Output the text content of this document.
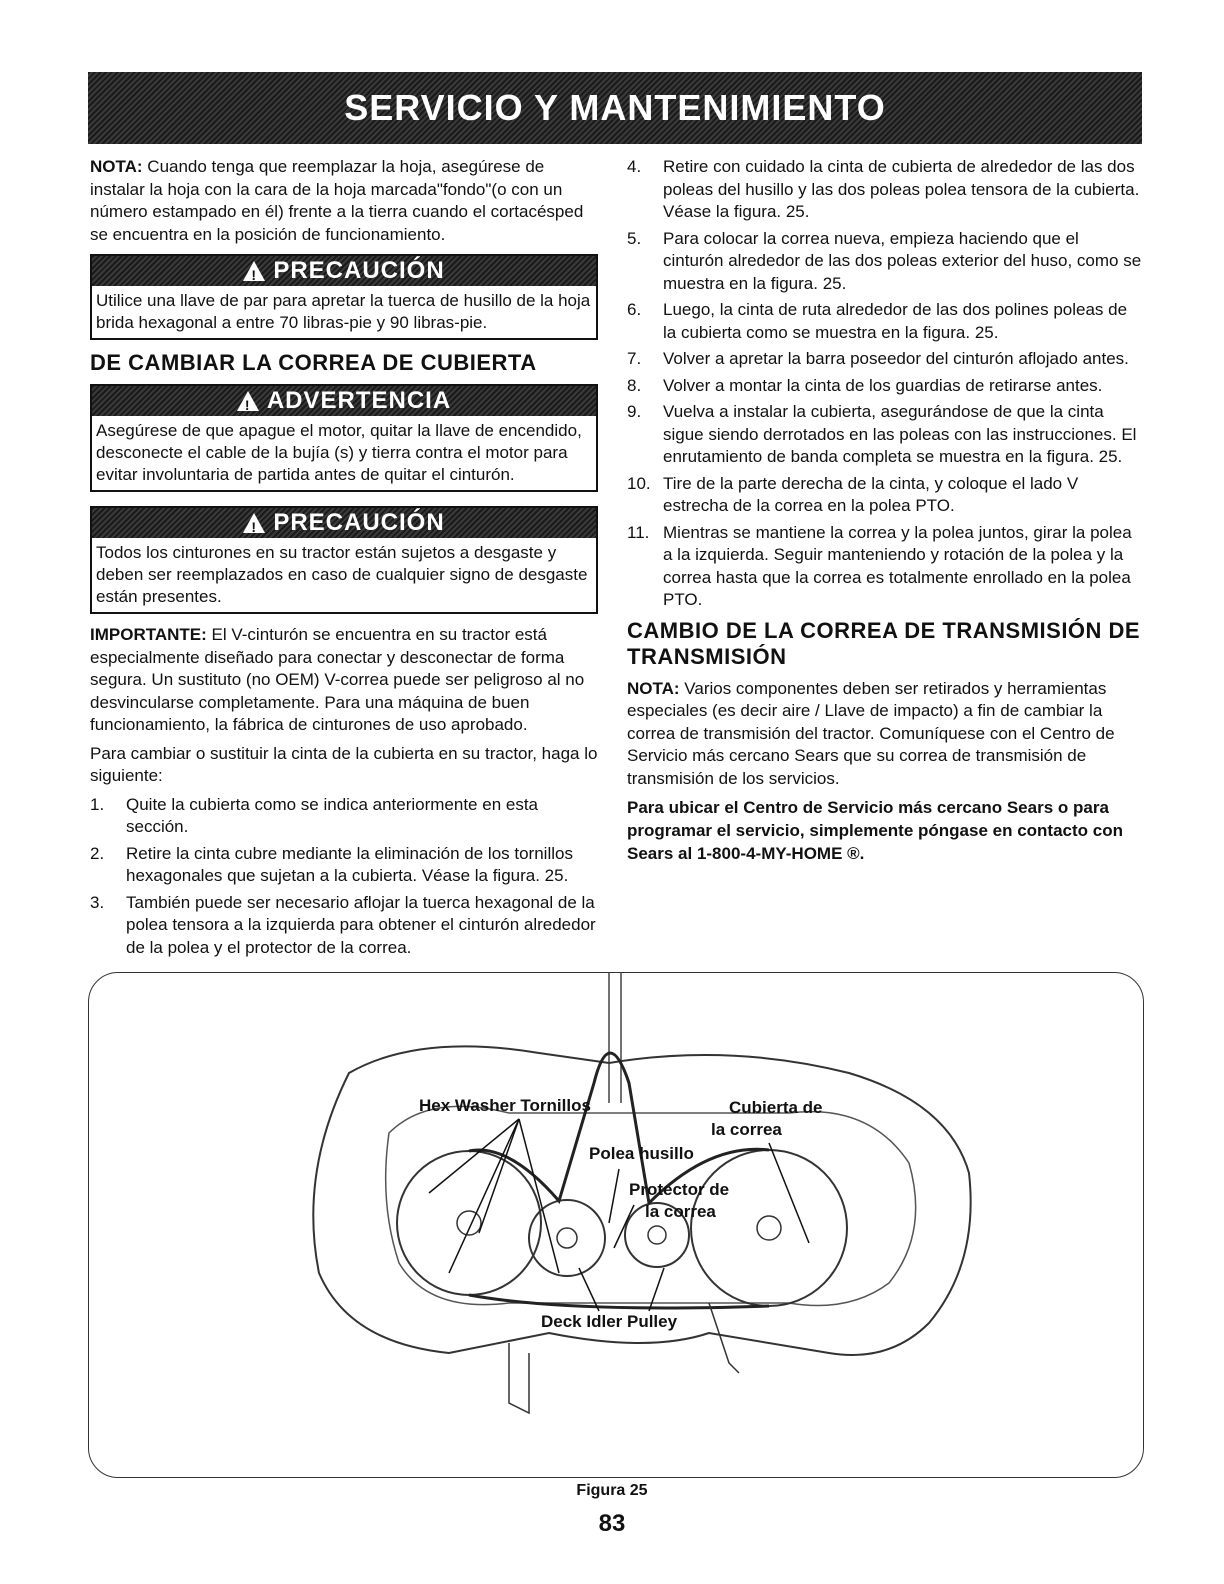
SERVICIO Y MANTENIMIENTO

NOTA: Cuando tenga que reemplazar la hoja, asegúrese de instalar la hoja con la cara de la hoja marcada"fondo"(o con un número estampado en él) frente a la tierra cuando el cortacésped se encuentra en la posición de funcionamiento.

!
PRECAUCIÓN
Utilice una llave de par para apretar la tuerca de husillo de la hoja brida hexagonal a entre 70 libras-pie y 90 libras-pie.
DE CAMBIAR LA CORREA DE CUBIERTA
!
ADVERTENCIA
Asegúrese de que apague el motor, quitar la llave de encendido, desconecte el cable de la bujía (s) y tierra contra el motor para evitar involuntaria de partida antes de quitar el cinturón.
!
PRECAUCIÓN
Todos los cinturones en su tractor están sujetos a desgaste y deben ser reemplazados en caso de cualquier signo de desgaste están presentes.

IMPORTANTE: El V-cinturón se encuentra en su tractor está especialmente diseñado para conectar y desconectar de forma segura. Un sustituto (no OEM) V-correa puede ser peligroso al no desvincularse completamente. Para una máquina de buen funcionamiento, la fábrica de cinturones de uso aprobado.

Para cambiar o sustituir la cinta de la cubierta en su tractor, haga lo siguiente:

1. Quite la cubierta como se indica anteriormente en esta sección.
2. Retire la cinta cubre mediante la eliminación de los tornillos hexagonales que sujetan a la cubierta. Véase la figura. 25.
3. También puede ser necesario aflojar la tuerca hexagonal de la polea tensora a la izquierda para obtener el cinturón alrededor de la polea y el protector de la correa.
4. Retire con cuidado la cinta de cubierta de alrededor de las dos poleas del husillo y las dos poleas polea tensora de la cubierta. Véase la figura. 25.
5. Para colocar la correa nueva, empieza haciendo que el cinturón alrededor de las dos poleas exterior del huso, como se muestra en la figura. 25.
6. Luego, la cinta de ruta alrededor de las dos polines poleas de la cubierta como se muestra en la figura. 25.
7. Volver a apretar la barra poseedor del cinturón aflojado antes.
8. Volver a montar la cinta de los guardias de retirarse antes.
9. Vuelva a instalar la cubierta, asegurándose de que la cinta sigue siendo derrotados en las poleas con las instrucciones. El enrutamiento de banda completa se muestra en la figura. 25.
10. Tire de la parte derecha de la cinta, y coloque el lado V estrecha de la correa en la polea PTO.
11. Mientras se mantiene la correa y la polea juntos, girar la polea a la izquierda. Seguir manteniendo y rotación de la polea y la correa hasta que la correa es totalmente enrollado en la polea PTO.
CAMBIO DE LA CORREA DE TRANSMISIÓN DE TRANSMISIÓN

NOTA: Varios componentes deben ser retirados y herramientas especiales (es decir aire / Llave de impacto) a fin de cambiar la correa de transmisión del tractor. Comuníquese con el Centro de Servicio más cercano Sears que su correa de transmisión de transmisión de los servicios.

Para ubicar el Centro de Servicio más cercano Sears o para programar el servicio, simplemente póngase en contacto con Sears al 1-800-4-MY-HOME ®.

Hex Washer Tornillos	Cubierta de
la correa
Polea husillo
Protector de
la correa
Deck Idler Pulley
Figura 25
83
